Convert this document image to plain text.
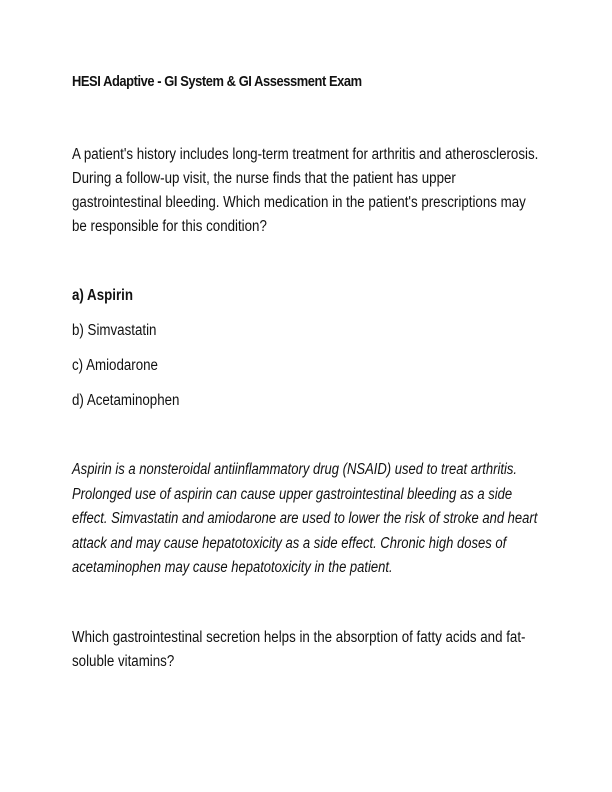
HESI Adaptive - GI System & GI Assessment Exam
A patient's history includes long-term treatment for arthritis and atherosclerosis. During a follow-up visit, the nurse finds that the patient has upper gastrointestinal bleeding. Which medication in the patient's prescriptions may be responsible for this condition?
a) Aspirin
b) Simvastatin
c) Amiodarone
d) Acetaminophen
Aspirin is a nonsteroidal antiinflammatory drug (NSAID) used to treat arthritis. Prolonged use of aspirin can cause upper gastrointestinal bleeding as a side effect. Simvastatin and amiodarone are used to lower the risk of stroke and heart attack and may cause hepatotoxicity as a side effect. Chronic high doses of acetaminophen may cause hepatotoxicity in the patient.
Which gastrointestinal secretion helps in the absorption of fatty acids and fat-soluble vitamins?
